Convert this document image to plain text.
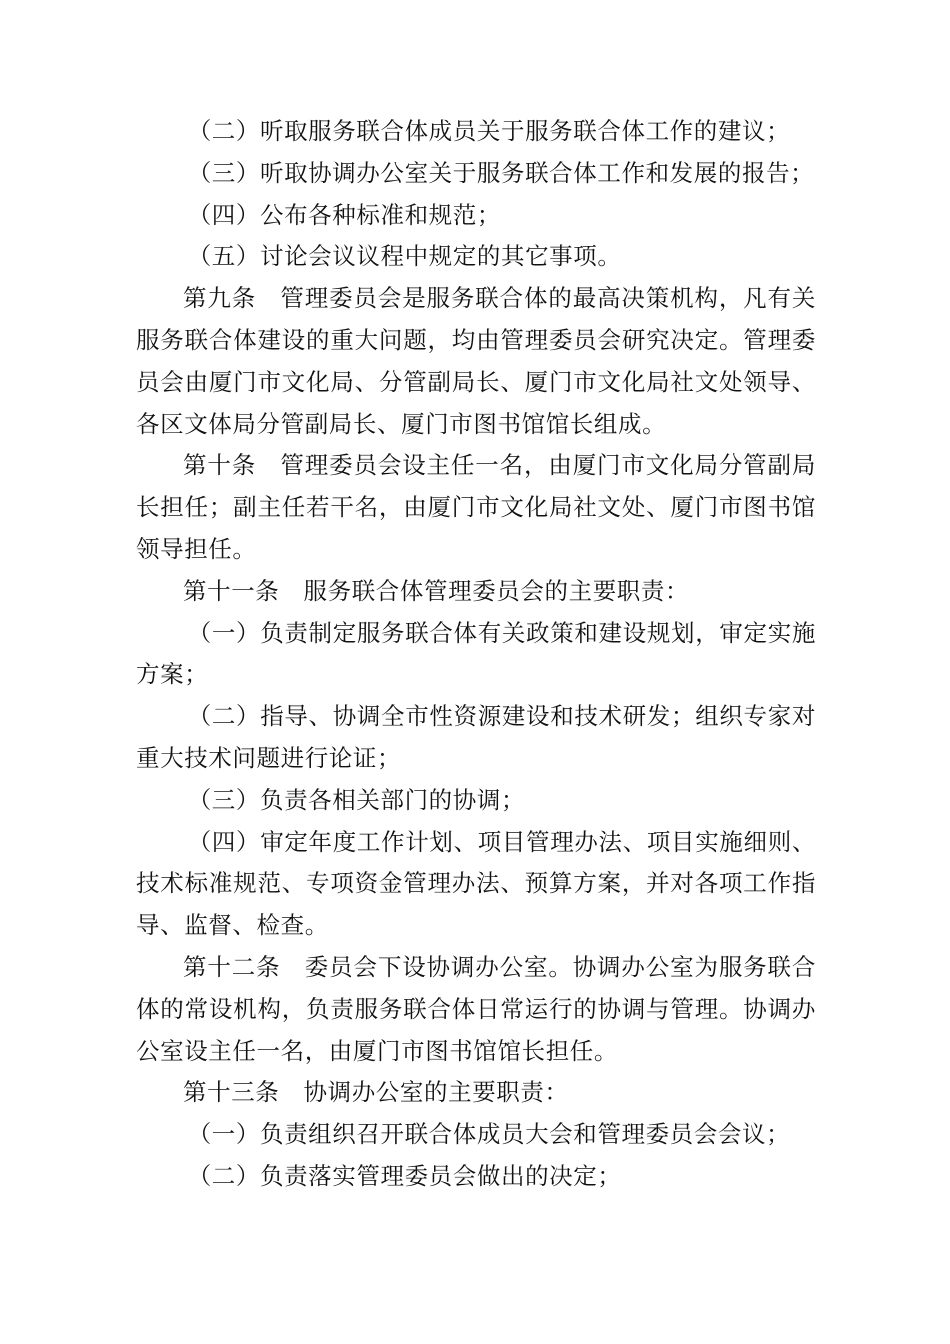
（二）听取服务联合体成员关于服务联合体工作的建议；

（三）听取协调办公室关于服务联合体工作和发展的报告；

（四）公布各种标准和规范；

（五）讨论会议议程中规定的其它事项。

第九条　管理委员会是服务联合体的最高决策机构，凡有关服务联合体建设的重大问题，均由管理委员会研究决定。管理委员会由厦门市文化局、分管副局长、厦门市文化局社文处领导、各区文体局分管副局长、厦门市图书馆馆长组成。

第十条　管理委员会设主任一名，由厦门市文化局分管副局长担任；副主任若干名，由厦门市文化局社文处、厦门市图书馆领导担任。

第十一条　服务联合体管理委员会的主要职责：

（一）负责制定服务联合体有关政策和建设规划，审定实施方案；

（二）指导、协调全市性资源建设和技术研发；组织专家对重大技术问题进行论证；

（三）负责各相关部门的协调；

（四）审定年度工作计划、项目管理办法、项目实施细则、技术标准规范、专项资金管理办法、预算方案，并对各项工作指导、监督、检查。

第十二条　委员会下设协调办公室。协调办公室为服务联合体的常设机构，负责服务联合体日常运行的协调与管理。协调办公室设主任一名，由厦门市图书馆馆长担任。

第十三条　协调办公室的主要职责：

（一）负责组织召开联合体成员大会和管理委员会会议；

（二）负责落实管理委员会做出的决定；
